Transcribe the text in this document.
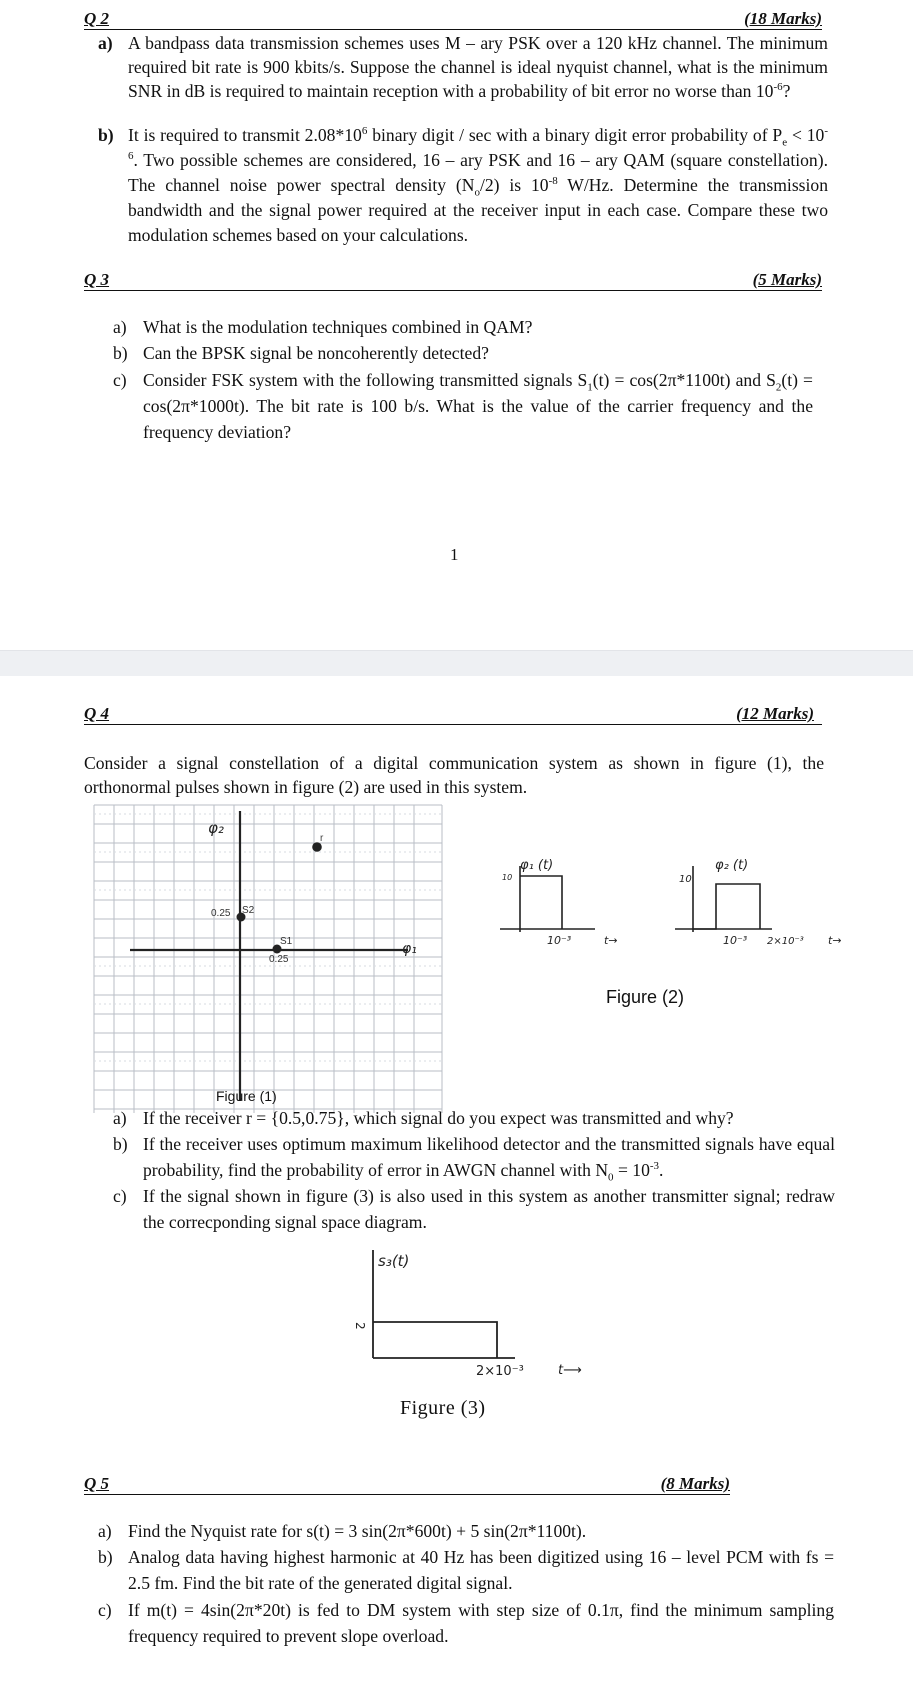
Q 2	(18 Marks)
a) A bandpass data transmission schemes uses M – ary PSK over a 120 kHz channel. The minimum required bit rate is 900 kbits/s. Suppose the channel is ideal nyquist channel, what is the minimum SNR in dB is required to maintain reception with a probability of bit error no worse than $10^{-6}$?
b) It is required to transmit $2.08*10^6$ binary digit / sec with a binary digit error probability of $P_e < 10^{-6}$. Two possible schemes are considered, 16 – ary PSK and 16 – ary QAM (square constellation). The channel noise power spectral density $(N_o/2)$ is $10^{-8}$ W/Hz. Determine the transmission bandwidth and the signal power required at the receiver input in each case. Compare these two modulation schemes based on your calculations.
Q 3	(5 Marks)
a) What is the modulation techniques combined in QAM?
b) Can the BPSK signal be noncoherently detected?
c) Consider FSK system with the following transmitted signals $S_1(t) = \cos(2\pi*1100t)$ and $S_2(t) = \cos(2\pi*1000t)$. The bit rate is 100 b/s. What is the value of the carrier frequency and the frequency deviation?
1
Q 4	(12 Marks)
Consider a signal constellation of a digital communication system as shown in figure (1), the orthonormal pulses shown in figure (2) are used in this system.
φ₂
φ₁
r
0.25 S2
S1
0.25
Figure (1)
φ₁ (t)
10
10⁻³	t→
φ₂ (t)
10
10⁻³ 2×10⁻³ t→
Figure (2)
a) If the receiver r = {0.5,0.75}, which signal do you expect was transmitted and why?
b) If the receiver uses optimum maximum likelihood detector and the transmitted signals have equal probability, find the probability of error in AWGN channel with $N_0 = 10^{-3}$.
c) If the signal shown in figure (3) is also used in this system as another transmitter signal; redraw the correcponding signal space diagram.
s₃(t)
2
2×10⁻³	t⟶
Figure (3)
Q 5	(8 Marks)
a) Find the Nyquist rate for s(t) = 3 sin(2π*600t) + 5 sin(2π*1100t).
b) Analog data having highest harmonic at 40 Hz has been digitized using 16 – level PCM with fs = 2.5 fm. Find the bit rate of the generated digital signal.
c) If m(t) = 4sin(2π*20t) is fed to DM system with step size of 0.1π, find the minimum sampling frequency required to prevent slope overload.
